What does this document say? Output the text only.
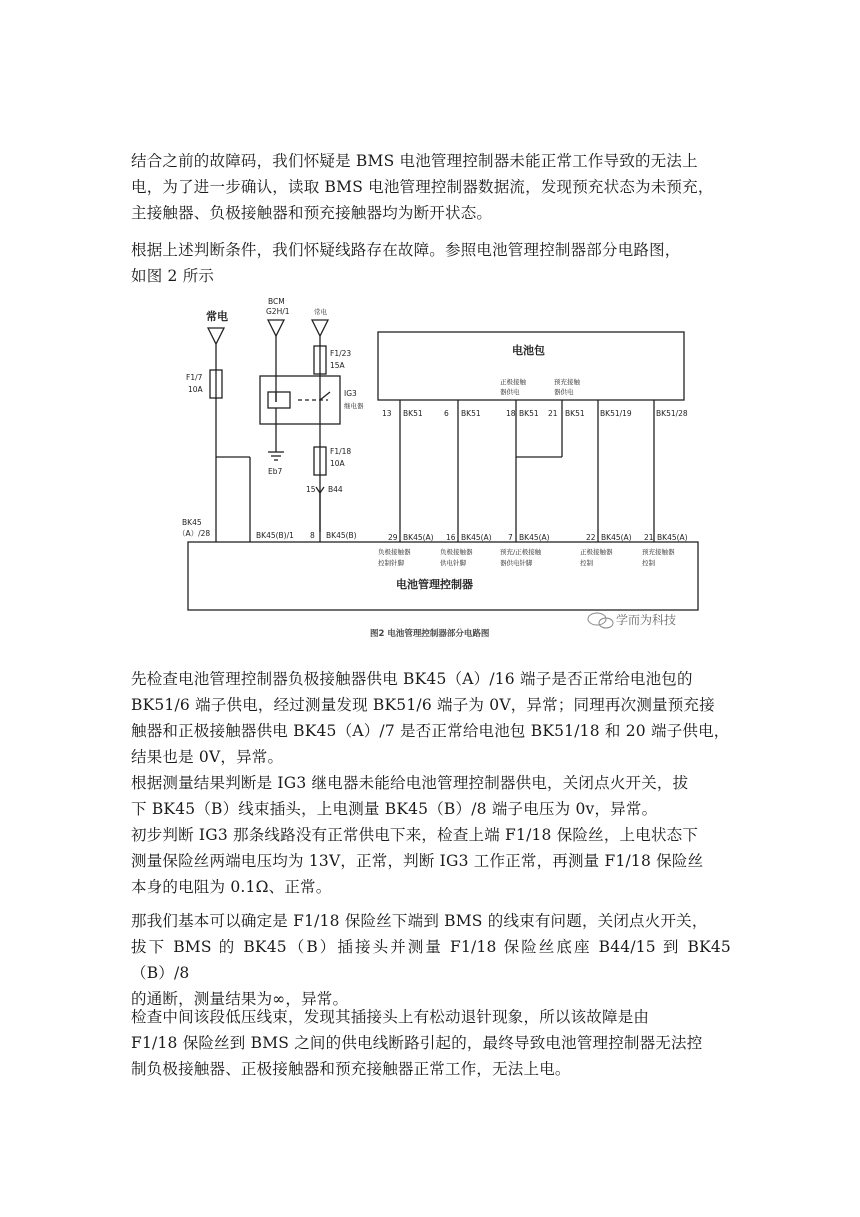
结合之前的故障码，我们怀疑是 BMS 电池管理控制器未能正常工作导致的无法上
电，为了进一步确认，读取 BMS 电池管理控制器数据流，发现预充状态为未预充，
主接触器、负极接触器和预充接触器均为断开状态。
根据上述判断条件，我们怀疑线路存在故障。参照电池管理控制器部分电路图，
如图 2 所示
常电
BCM
G2H/1	常电
F1/7
10A
F1/23
15A
IG3
继电器
Eb7
F1/18
10A
15 B44
电池包
正极接触
器供电
预充接触
器供电
13 BK51	6 BK51	18 BK51 21 BK51 BK51/19	BK51/28
BK45
（A）/28	BK45(B)/1 8 BK45(B)	29 BK45(A)
负极接触器
控制针脚
16 BK45(A)
负极接触器
供电针脚
7 BK45(A)
预充/正极接触
器供电针脚
22 BK45(A)
正极接触器
控制
21 BK45(A)
预充接触器
控制
电池管理控制器
图2 电池管理控制器部分电路图
学而为科技
先检查电池管理控制器负极接触器供电 BK45（A）/16 端子是否正常给电池包的
BK51/6 端子供电，经过测量发现 BK51/6 端子为 0V，异常；同理再次测量预充接
触器和正极接触器供电 BK45（A）/7 是否正常给电池包 BK51/18 和 20 端子供电，
结果也是 0V，异常。
根据测量结果判断是 IG3 继电器未能给电池管理控制器供电，关闭点火开关，拔
下 BK45（B）线束插头，上电测量 BK45（B）/8 端子电压为 0v，异常。
初步判断 IG3 那条线路没有正常供电下来，检查上端 F1/18 保险丝，上电状态下
测量保险丝两端电压均为 13V，正常，判断 IG3 工作正常，再测量 F1/18 保险丝
本身的电阻为 0.1Ω、正常。
那我们基本可以确定是 F1/18 保险丝下端到 BMS 的线束有问题，关闭点火开关，
拔下 BMS 的 BK45（B）插接头并测量 F1/18 保险丝底座 B44/15 到 BK45（B）/8
的通断，测量结果为∞，异常。
检查中间该段低压线束，发现其插接头上有松动退针现象，所以该故障是由
F1/18 保险丝到 BMS 之间的供电线断路引起的，最终导致电池管理控制器无法控
制负极接触器、正极接触器和预充接触器正常工作，无法上电。
